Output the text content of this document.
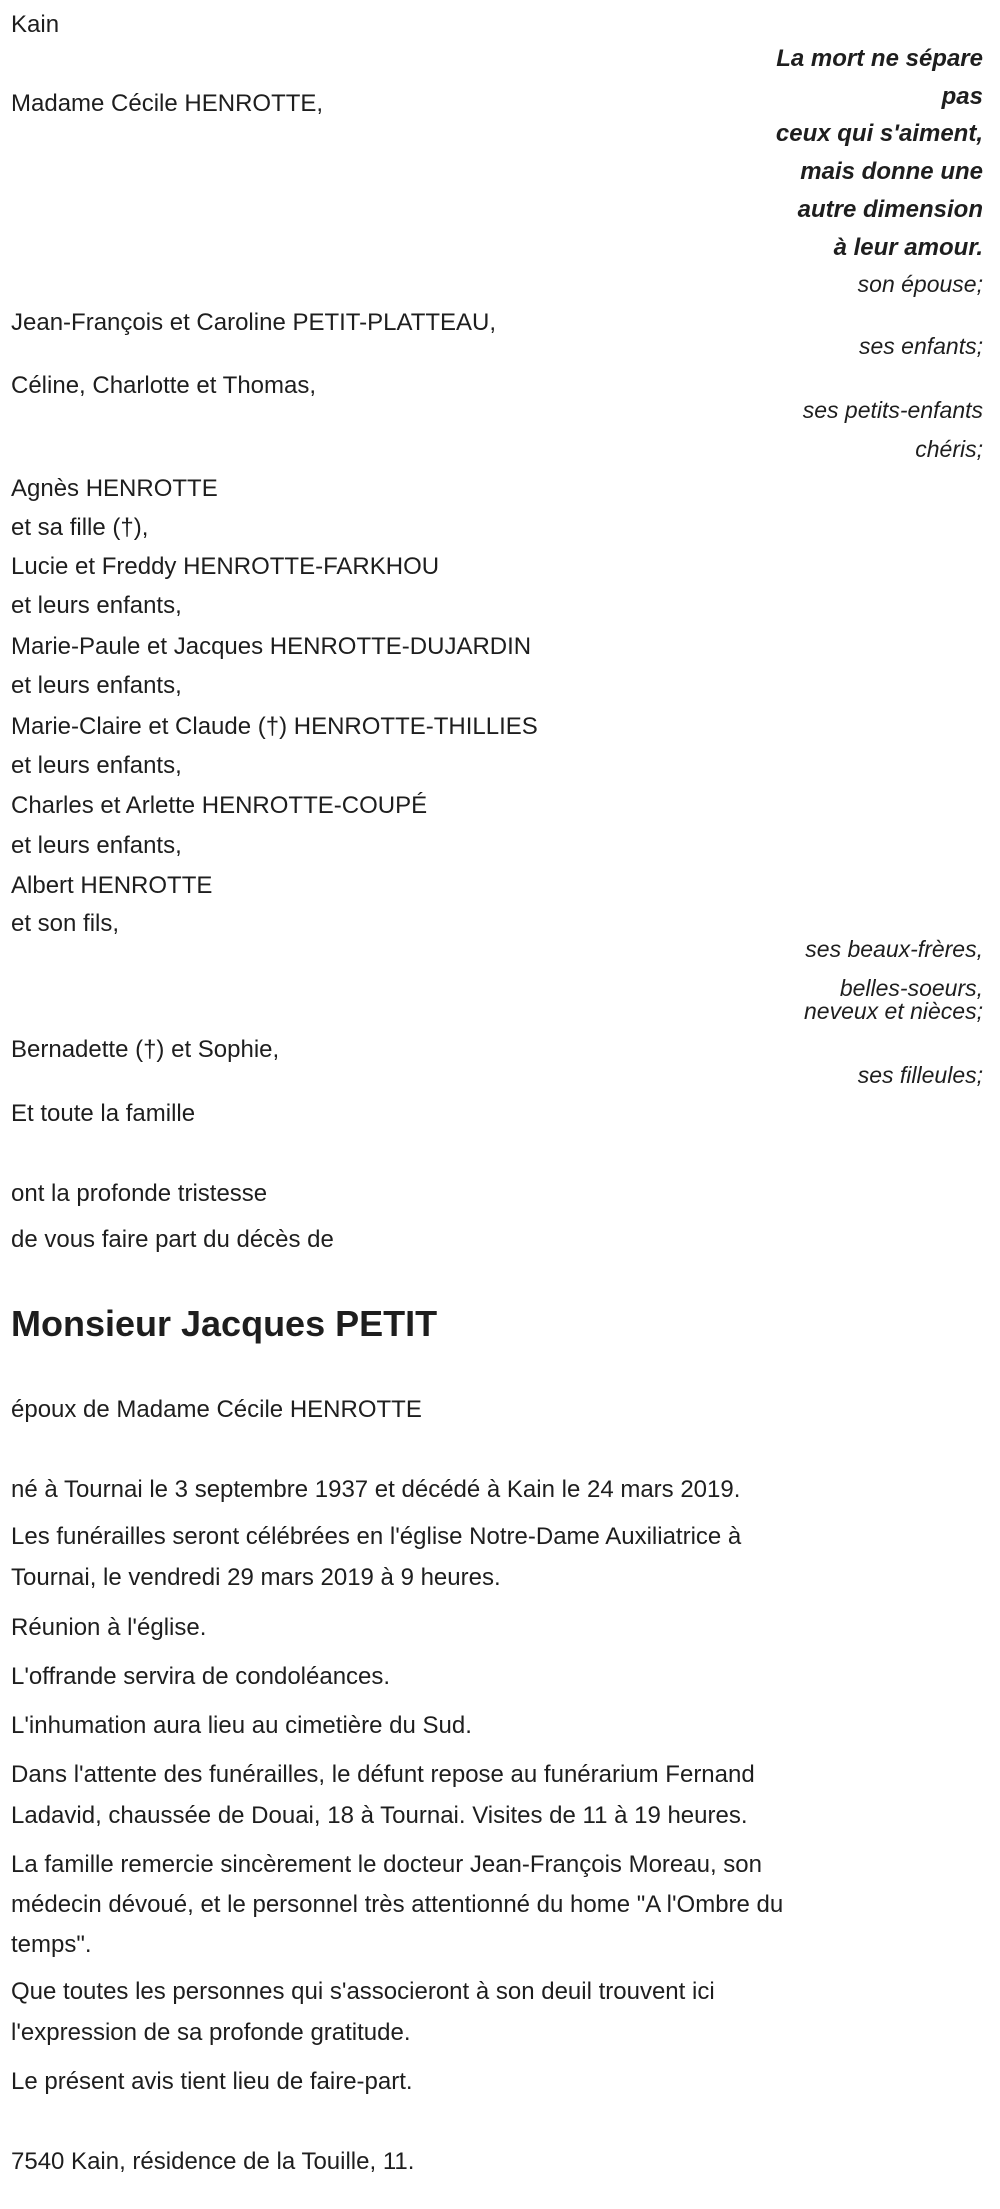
Kain
La mort ne sépare
pas
ceux qui s'aiment,
mais donne une
autre dimension
à leur amour.
Madame Cécile HENROTTE,
son épouse;
Jean-François et Caroline PETIT-PLATTEAU,
ses enfants;
Céline, Charlotte et Thomas,
ses petits-enfants
chéris;
Agnès HENROTTE
et sa fille (†),
Lucie et Freddy HENROTTE-FARKHOU
et leurs enfants,
Marie-Paule et Jacques HENROTTE-DUJARDIN
et leurs enfants,
Marie-Claire et Claude (†) HENROTTE-THILLIES
et leurs enfants,
Charles et Arlette HENROTTE-COUPÉ
et leurs enfants,
Albert HENROTTE
et son fils,
ses beaux-frères,
belles-soeurs,
neveux et nièces;
Bernadette (†) et Sophie,
ses filleules;
Et toute la famille
ont la profonde tristesse
de vous faire part du décès de
Monsieur Jacques PETIT
époux de Madame Cécile HENROTTE
né à Tournai le 3 septembre 1937 et décédé à Kain le 24 mars 2019.
Les funérailles seront célébrées en l'église Notre-Dame Auxiliatrice à
Tournai, le vendredi 29 mars 2019 à 9 heures.
Réunion à l'église.
L'offrande servira de condoléances.
L'inhumation aura lieu au cimetière du Sud.
Dans l'attente des funérailles, le défunt repose au funérarium Fernand
Ladavid, chaussée de Douai, 18 à Tournai. Visites de 11 à 19 heures.
La famille remercie sincèrement le docteur Jean-François Moreau, son
médecin dévoué, et le personnel très attentionné du home "A l'Ombre du
temps".
Que toutes les personnes qui s'associeront à son deuil trouvent ici
l'expression de sa profonde gratitude.
Le présent avis tient lieu de faire-part.
7540 Kain, résidence de la Touille, 11.
